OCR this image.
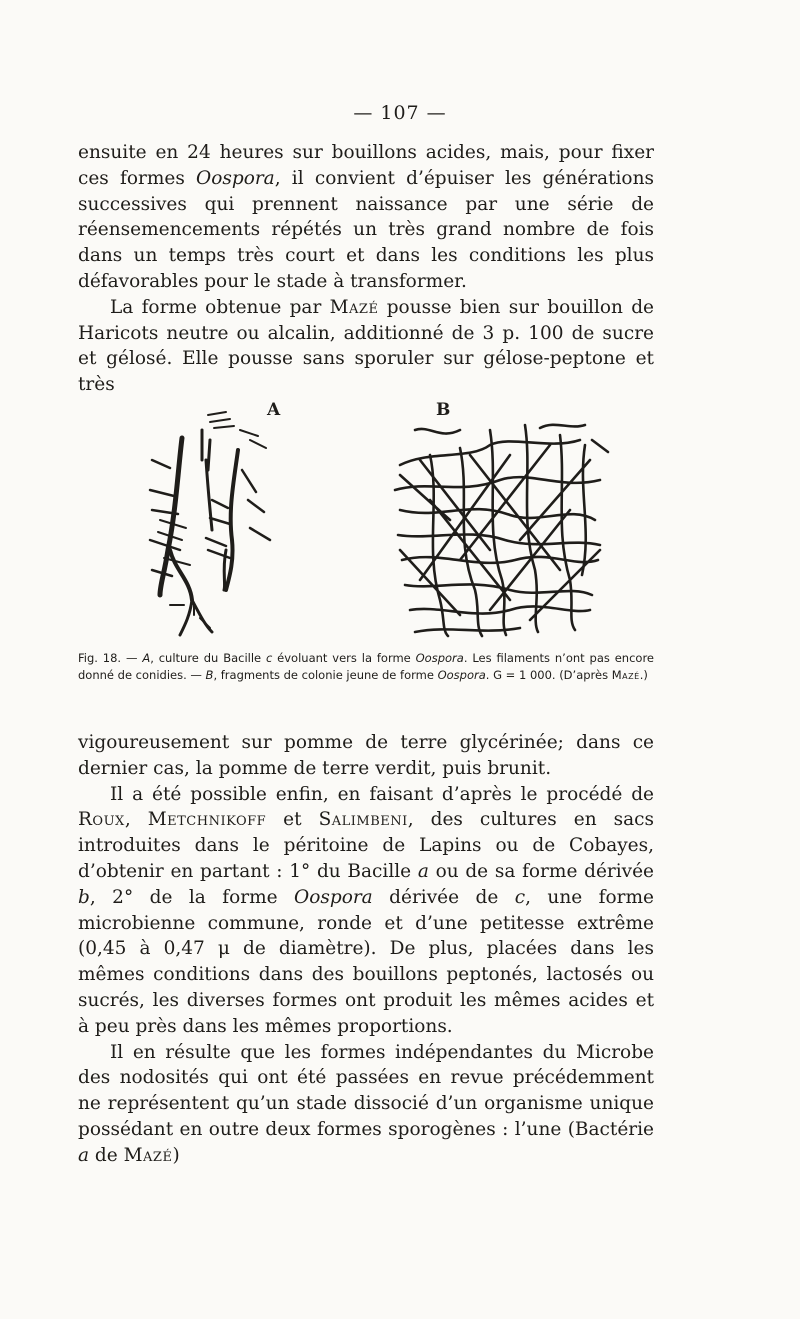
— 107 —

ensuite en 24 heures sur bouillons acides, mais, pour fixer ces formes Oospora, il convient d’épuiser les générations successives qui prennent naissance par une série de réensemencements répétés un très grand nombre de fois dans un temps très court et dans les conditions les plus défavorables pour le stade à transformer.

La forme obtenue par Mazé pousse bien sur bouillon de Haricots neutre ou alcalin, additionné de 3 p. 100 de sucre et gélosé. Elle pousse sans sporuler sur gélose-peptone et très

A	B
Fig. 18. — A, culture du Bacille c évoluant vers la forme Oospora. Les filaments n’ont pas encore donné de conidies. — B, fragments de colonie jeune de forme Oospora. G = 1 000. (D’après Mazé.)

vigoureusement sur pomme de terre glycérinée; dans ce dernier cas, la pomme de terre verdit, puis brunit.

Il a été possible enfin, en faisant d’après le procédé de Roux, Metchnikoff et Salimbeni, des cultures en sacs introduites dans le péritoine de Lapins ou de Cobayes, d’obtenir en partant : 1° du Bacille a ou de sa forme dérivée b, 2° de la forme Oospora dérivée de c, une forme microbienne commune, ronde et d’une petitesse extrême (0,45 à 0,47 μ de diamètre). De plus, placées dans les mêmes conditions dans des bouillons peptonés, lactosés ou sucrés, les diverses formes ont produit les mêmes acides et à peu près dans les mêmes proportions.

Il en résulte que les formes indépendantes du Microbe des nodosités qui ont été passées en revue précédemment ne représentent qu’un stade dissocié d’un organisme unique possédant en outre deux formes sporogènes : l’une (Bactérie a de Mazé)
